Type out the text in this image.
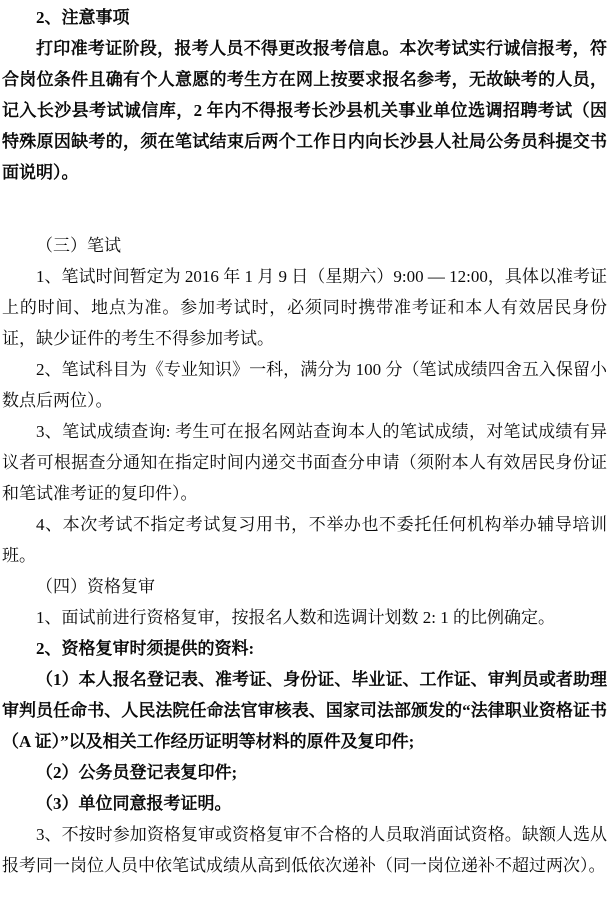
2、注意事项

打印准考证阶段，报考人员不得更改报考信息。本次考试实行诚信报考，符合岗位条件且确有个人意愿的考生方在网上按要求报名参考，无故缺考的人员，记入长沙县考试诚信库，2 年内不得报考长沙县机关事业单位选调招聘考试（因特殊原因缺考的，须在笔试结束后两个工作日内向长沙县人社局公务员科提交书面说明）。

（三）笔试

1、笔试时间暂定为 2016 年 1 月 9 日（星期六）9:00 — 12:00，具体以准考证上的时间、地点为准。参加考试时，必须同时携带准考证和本人有效居民身份证，缺少证件的考生不得参加考试。

2、笔试科目为《专业知识》一科，满分为 100 分（笔试成绩四舍五入保留小数点后两位）。

3、笔试成绩查询: 考生可在报名网站查询本人的笔试成绩，对笔试成绩有异议者可根据查分通知在指定时间内递交书面查分申请（须附本人有效居民身份证和笔试准考证的复印件）。

4、本次考试不指定考试复习用书，不举办也不委托任何机构举办辅导培训班。

（四）资格复审

1、面试前进行资格复审，按报名人数和选调计划数 2: 1 的比例确定。

2、资格复审时须提供的资料:

（1）本人报名登记表、准考证、身份证、毕业证、工作证、审判员或者助理审判员任命书、人民法院任命法官审核表、国家司法部颁发的“法律职业资格证书（A 证）”以及相关工作经历证明等材料的原件及复印件;

（2）公务员登记表复印件;

（3）单位同意报考证明。

3、不按时参加资格复审或资格复审不合格的人员取消面试资格。缺额人选从报考同一岗位人员中依笔试成绩从高到低依次递补（同一岗位递补不超过两次）。
